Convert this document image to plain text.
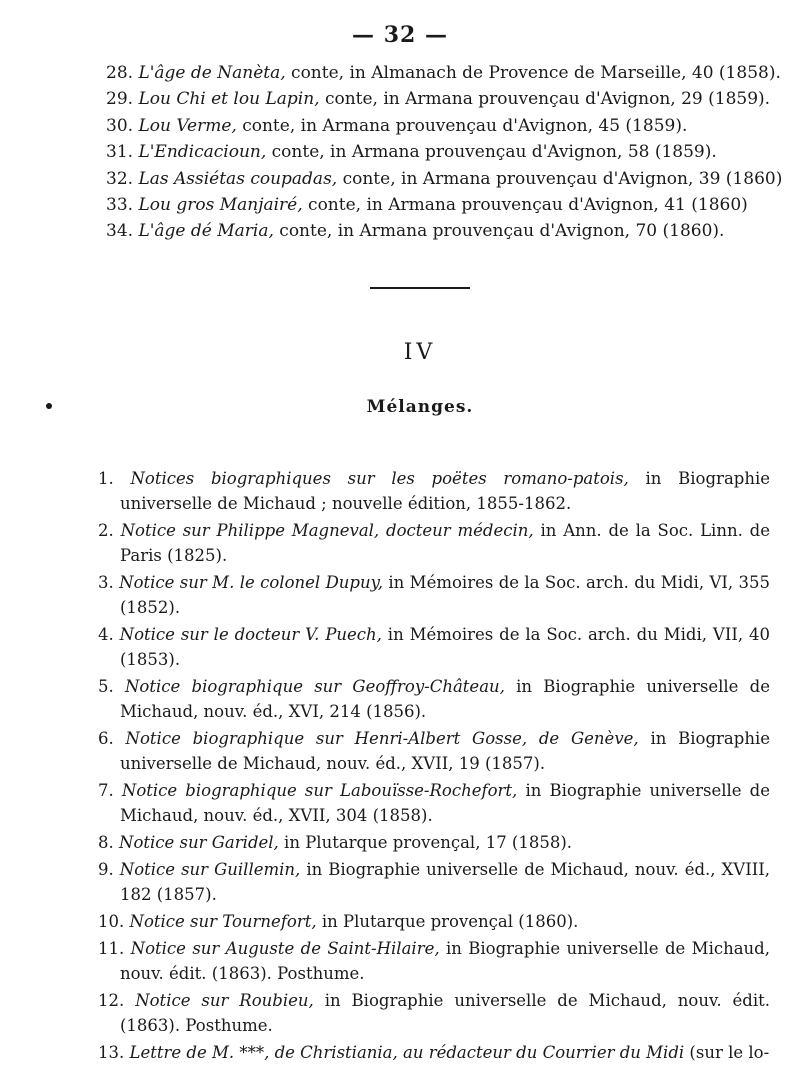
— 32 —
28. L'âge de Nanèta, conte, in Almanach de Provence de Marseille, 40 (1858).
29. Lou Chi et lou Lapin, conte, in Armana prouvençau d'Avignon, 29 (1859).
30. Lou Verme, conte, in Armana prouvençau d'Avignon, 45 (1859).
31. L'Endicacioun, conte, in Armana prouvençau d'Avignon, 58 (1859).
32. Las Assiétas coupadas, conte, in Armana prouvençau d'Avignon, 39 (1860)
33. Lou gros Manjairé, conte, in Armana prouvençau d'Avignon, 41 (1860)
34. L'âge dé Maria, conte, in Armana prouvençau d'Avignon, 70 (1860).
IV
Mélanges.
1. Notices biographiques sur les poëtes romano-patois, in Biographie universelle de Michaud ; nouvelle édition, 1855-1862.
2. Notice sur Philippe Magneval, docteur médecin, in Ann. de la Soc. Linn. de Paris (1825).
3. Notice sur M. le colonel Dupuy, in Mémoires de la Soc. arch. du Midi, VI, 355 (1852).
4. Notice sur le docteur V. Puech, in Mémoires de la Soc. arch. du Midi, VII, 40 (1853).
5. Notice biographique sur Geoffroy-Château, in Biographie universelle de Michaud, nouv. éd., XVI, 214 (1856).
6. Notice biographique sur Henri-Albert Gosse, de Genève, in Biographie universelle de Michaud, nouv. éd., XVII, 19 (1857).
7. Notice biographique sur Labouïsse-Rochefort, in Biographie universelle de Michaud, nouv. éd., XVII, 304 (1858).
8. Notice sur Garidel, in Plutarque provençal, 17 (1858).
9. Notice sur Guillemin, in Biographie universelle de Michaud, nouv. éd., XVIII, 182 (1857).
10. Notice sur Tournefort, in Plutarque provençal (1860).
11. Notice sur Auguste de Saint-Hilaire, in Biographie universelle de Michaud, nouv. édit. (1863). Posthume.
12. Notice sur Roubieu, in Biographie universelle de Michaud, nouv. édit. (1863). Posthume.
13. Lettre de M. ***, de Christiania, au rédacteur du Courrier du Midi (sur le lo-
